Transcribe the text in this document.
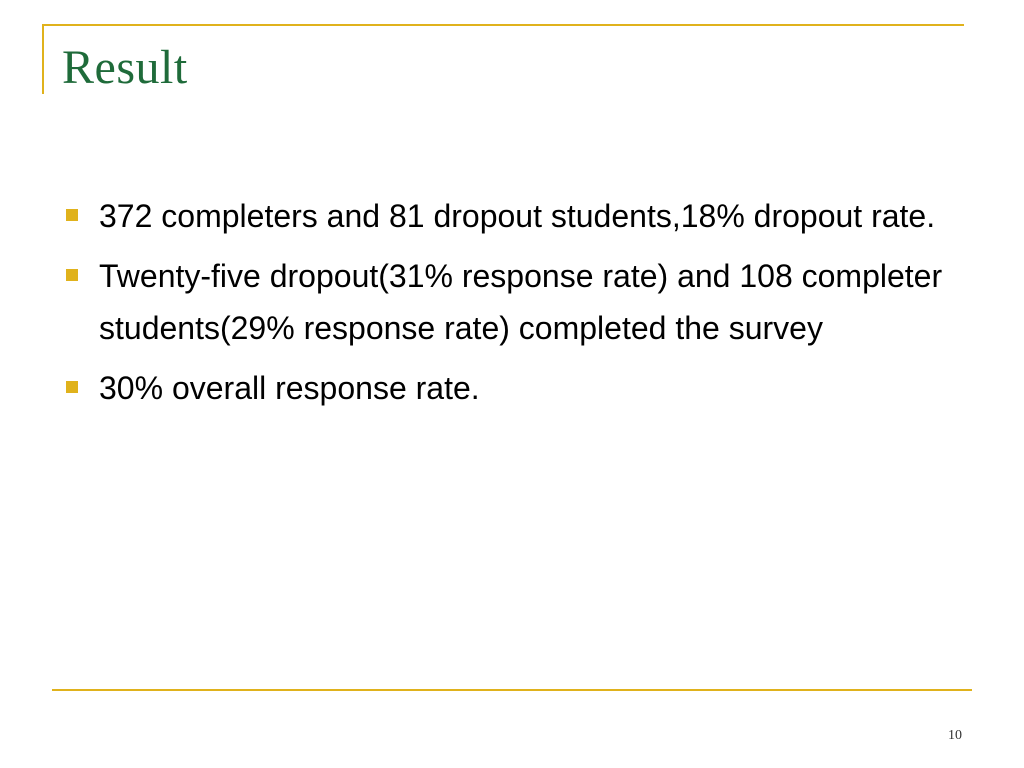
Result
372 completers and 81 dropout students,18% dropout rate.
Twenty-five dropout(31% response rate) and 108 completer students(29% response rate) completed the survey
30% overall response rate.
10
